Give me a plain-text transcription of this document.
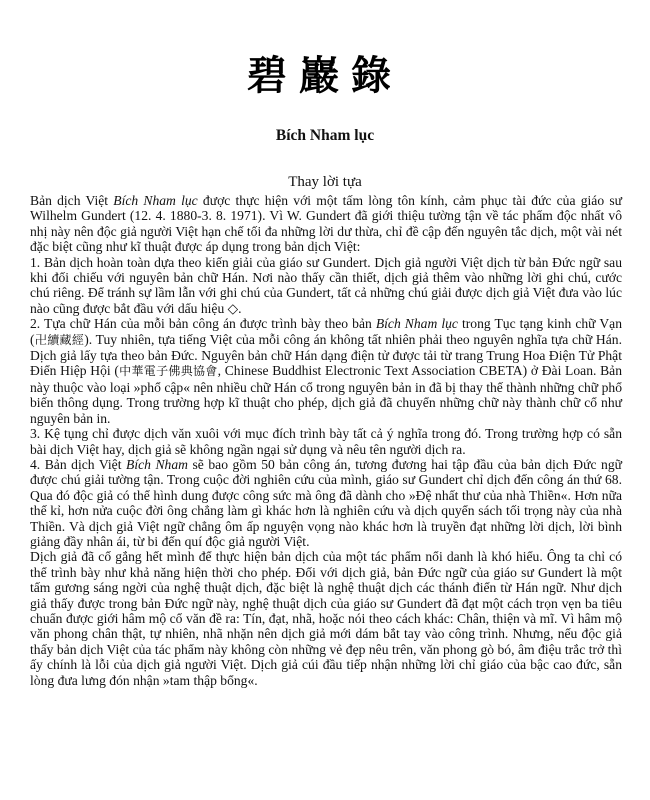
碧巖錄
Bích Nham lục
Thay lời tựa

Bản dịch Việt Bích Nham lục được thực hiện với một tấm lòng tôn kính, cảm phục tài đức của giáo sư Wilhelm Gundert (12. 4. 1880-3. 8. 1971). Vì W. Gundert đã giới thiệu tường tận về tác phẩm độc nhất vô nhị này nên độc giả người Việt hạn chế tối đa những lời dư thừa, chỉ đề cập đến nguyên tắc dịch, một vài nét đặc biệt cũng như kĩ thuật được áp dụng trong bản dịch Việt:

1. Bản dịch hoàn toàn dựa theo kiến giải của giáo sư Gundert. Dịch giả người Việt dịch từ bản Đức ngữ sau khi đối chiếu với nguyên bản chữ Hán. Nơi nào thấy cần thiết, dịch giả thêm vào những lời ghi chú, cước chú riêng. Để tránh sự lầm lẫn với ghi chú của Gundert, tất cả những chú giải được dịch giả Việt đưa vào lúc nào cũng được bắt đầu với dấu hiệu ◇.

2. Tựa chữ Hán của mỗi bản công án được trình bày theo bản Bích Nham lục trong Tục tạng kinh chữ Vạn (卍續藏經). Tuy nhiên, tựa tiếng Việt của mỗi công án không tất nhiên phải theo nguyên nghĩa tựa chữ Hán. Dịch giả lấy tựa theo bản Đức. Nguyên bản chữ Hán dạng điện tử được tải từ trang Trung Hoa Điện Tử Phật Điển Hiệp Hội (中華電子佛典協會, Chinese Buddhist Electronic Text Association CBETA) ở Đài Loan. Bản này thuộc vào loại »phổ cập« nên nhiều chữ Hán cổ trong nguyên bản in đã bị thay thế thành những chữ phổ biến thông dụng. Trong trường hợp kĩ thuật cho phép, dịch giả đã chuyển những chữ này thành chữ cổ như nguyên bản in.

3. Kệ tụng chỉ được dịch văn xuôi với mục đích trình bày tất cả ý nghĩa trong đó. Trong trường hợp có sẵn bài dịch Việt hay, dịch giả sẽ không ngần ngại sử dụng và nêu tên người dịch ra.

4. Bản dịch Việt Bích Nham sẽ bao gồm 50 bản công án, tương đương hai tập đầu của bản dịch Đức ngữ được chú giải tường tận. Trong cuộc đời nghiên cứu của mình, giáo sư Gundert chỉ dịch đến công án thứ 68. Qua đó độc giả có thể hình dung được công sức mà ông đã dành cho »Đệ nhất thư của nhà Thiền«. Hơn nữa thế kỉ, hơn nửa cuộc đời ông chẳng làm gì khác hơn là nghiên cứu và dịch quyển sách tối trọng này của nhà Thiền. Và dịch giả Việt ngữ chẳng ôm ấp nguyện vọng nào khác hơn là truyền đạt những lời dịch, lời bình giảng đầy nhân ái, từ bi đến quí độc giả người Việt.

Dịch giả đã cố gắng hết mình để thực hiện bản dịch của một tác phẩm nổi danh là khó hiểu. Ông ta chỉ có thể trình bày như khả năng hiện thời cho phép. Đối với dịch giả, bản Đức ngữ của giáo sư Gundert là một tấm gương sáng ngời của nghệ thuật dịch, đặc biệt là nghệ thuật dịch các thánh điển từ Hán ngữ. Như dịch giả thấy được trong bản Đức ngữ này, nghệ thuật dịch của giáo sư Gundert đã đạt một cách trọn vẹn ba tiêu chuẩn được giới hâm mộ cổ văn đề ra: Tín, đạt, nhã, hoặc nói theo cách khác: Chân, thiện và mĩ. Vì hâm mộ văn phong chân thật, tự nhiên, nhã nhặn nên dịch giả mới dám bắt tay vào công trình. Nhưng, nếu độc giả thấy bản dịch Việt của tác phẩm này không còn những vẻ đẹp nêu trên, văn phong gò bó, âm điệu trắc trở thì ấy chính là lỗi của dịch giả người Việt. Dịch giả cúi đầu tiếp nhận những lời chỉ giáo của bậc cao đức, sẵn lòng đưa lưng đón nhận »tam thập bổng«.
